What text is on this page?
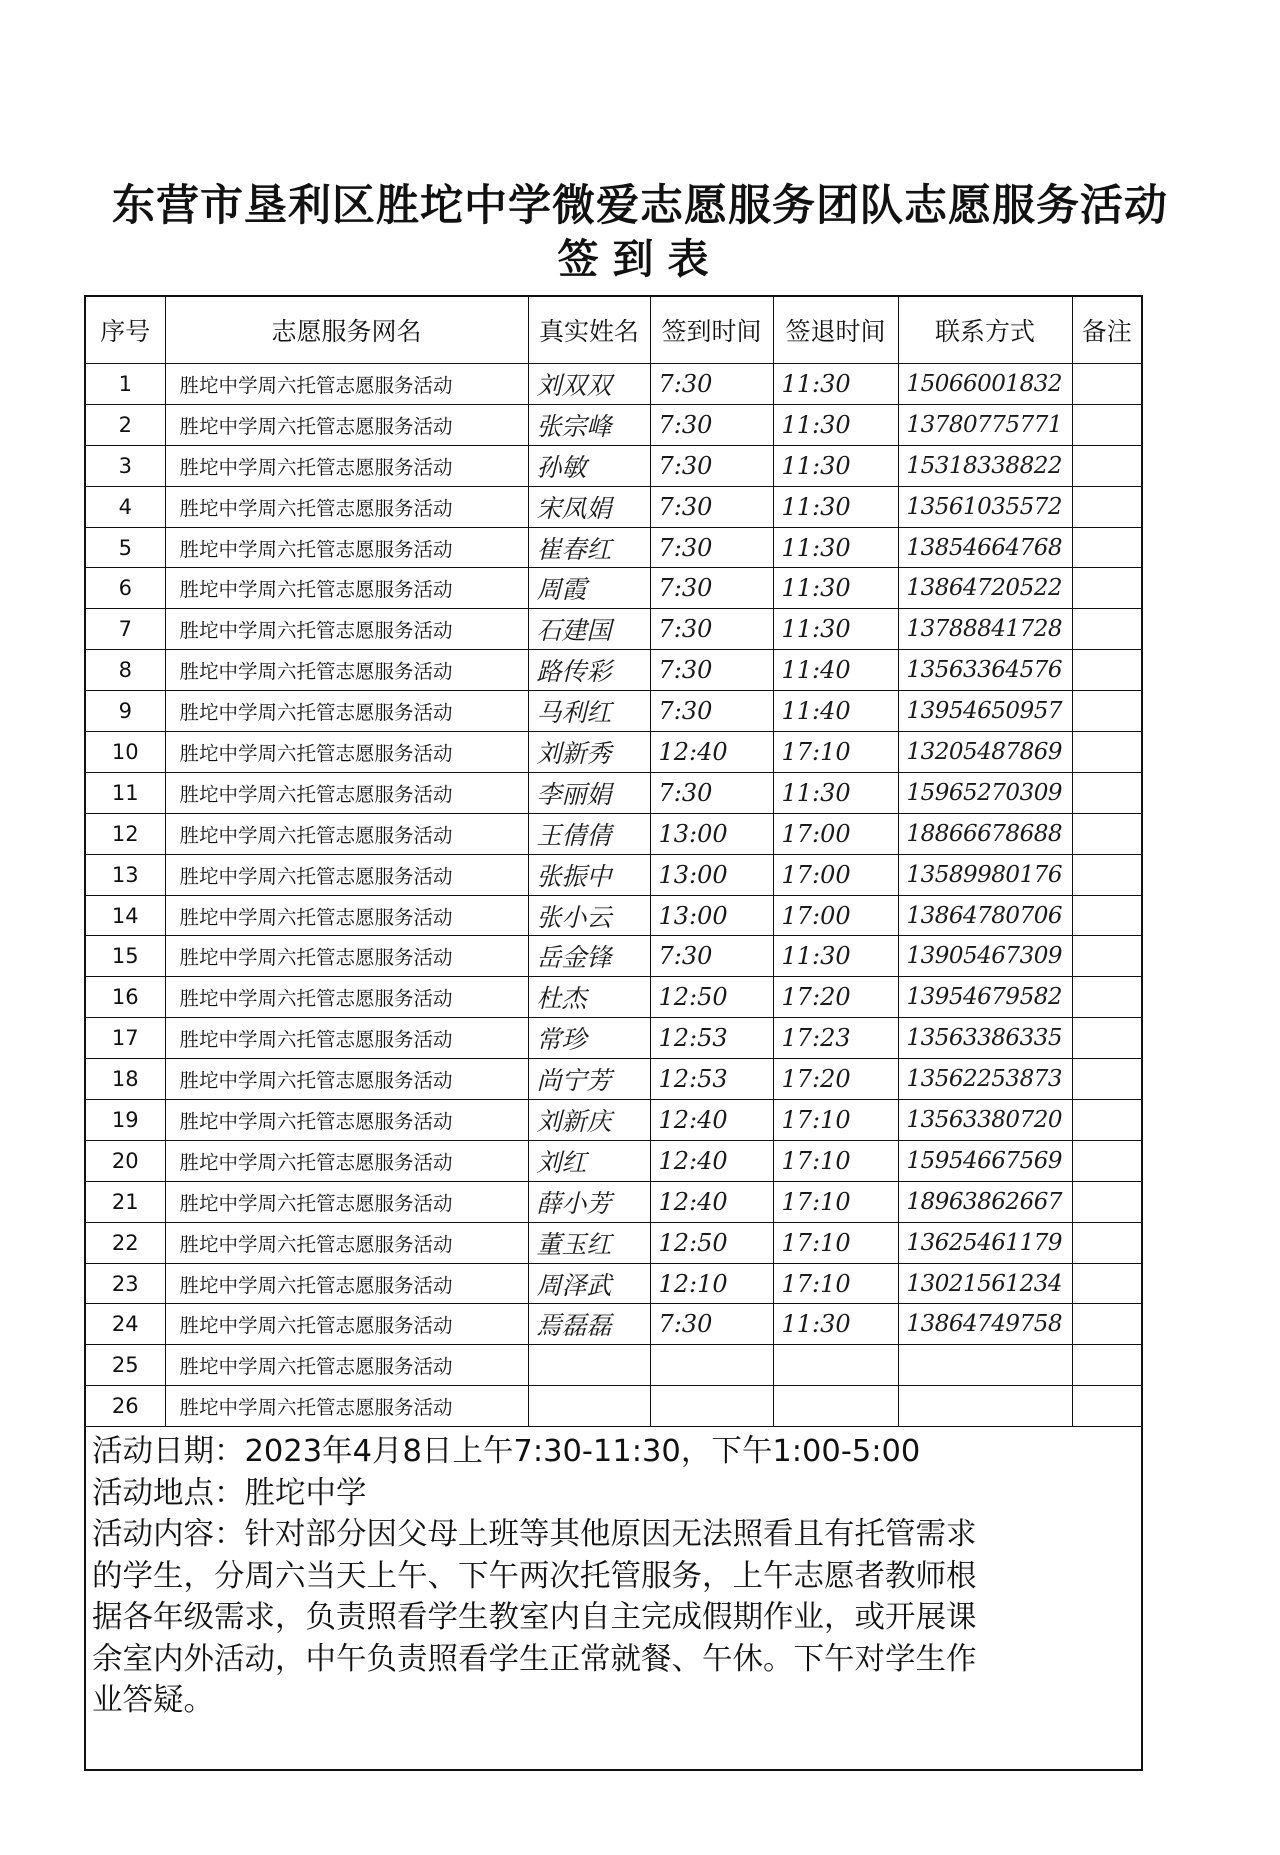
东营市垦利区胜坨中学微爱志愿服务团队志愿服务活动
签到表
序号	志愿服务网名	真实姓名	签到时间	签退时间	联系方式	备注
1	胜坨中学周六托管志愿服务活动	刘双双	7:30	11:30	15066001832	
2	胜坨中学周六托管志愿服务活动	张宗峰	7:30	11:30	13780775771	
3	胜坨中学周六托管志愿服务活动	孙敏	7:30	11:30	15318338822	
4	胜坨中学周六托管志愿服务活动	宋凤娟	7:30	11:30	13561035572	
5	胜坨中学周六托管志愿服务活动	崔春红	7:30	11:30	13854664768	
6	胜坨中学周六托管志愿服务活动	周霞	7:30	11:30	13864720522	
7	胜坨中学周六托管志愿服务活动	石建国	7:30	11:30	13788841728	
8	胜坨中学周六托管志愿服务活动	路传彩	7:30	11:40	13563364576	
9	胜坨中学周六托管志愿服务活动	马利红	7:30	11:40	13954650957	
10	胜坨中学周六托管志愿服务活动	刘新秀	12:40	17:10	13205487869	
11	胜坨中学周六托管志愿服务活动	李丽娟	7:30	11:30	15965270309	
12	胜坨中学周六托管志愿服务活动	王倩倩	13:00	17:00	18866678688	
13	胜坨中学周六托管志愿服务活动	张振中	13:00	17:00	13589980176	
14	胜坨中学周六托管志愿服务活动	张小云	13:00	17:00	13864780706	
15	胜坨中学周六托管志愿服务活动	岳金锋	7:30	11:30	13905467309	
16	胜坨中学周六托管志愿服务活动	杜杰	12:50	17:20	13954679582	
17	胜坨中学周六托管志愿服务活动	常珍	12:53	17:23	13563386335	
18	胜坨中学周六托管志愿服务活动	尚宁芳	12:53	17:20	13562253873	
19	胜坨中学周六托管志愿服务活动	刘新庆	12:40	17:10	13563380720	
20	胜坨中学周六托管志愿服务活动	刘红	12:40	17:10	15954667569	
21	胜坨中学周六托管志愿服务活动	薛小芳	12:40	17:10	18963862667	
22	胜坨中学周六托管志愿服务活动	董玉红	12:50	17:10	13625461179	
23	胜坨中学周六托管志愿服务活动	周泽武	12:10	17:10	13021561234	
24	胜坨中学周六托管志愿服务活动	焉磊磊	7:30	11:30	13864749758	
25	胜坨中学周六托管志愿服务活动					
26	胜坨中学周六托管志愿服务活动					

活动日期：2023年4月8日上午7:30-11:30，下午1:00-5:00

活动地点：胜坨中学

活动内容：针对部分因父母上班等其他原因无法照看且有托管需求

的学生，分周六当天上午、下午两次托管服务，上午志愿者教师根

据各年级需求，负责照看学生教室内自主完成假期作业，或开展课

余室内外活动，中午负责照看学生正常就餐、午休。下午对学生作

业答疑。
